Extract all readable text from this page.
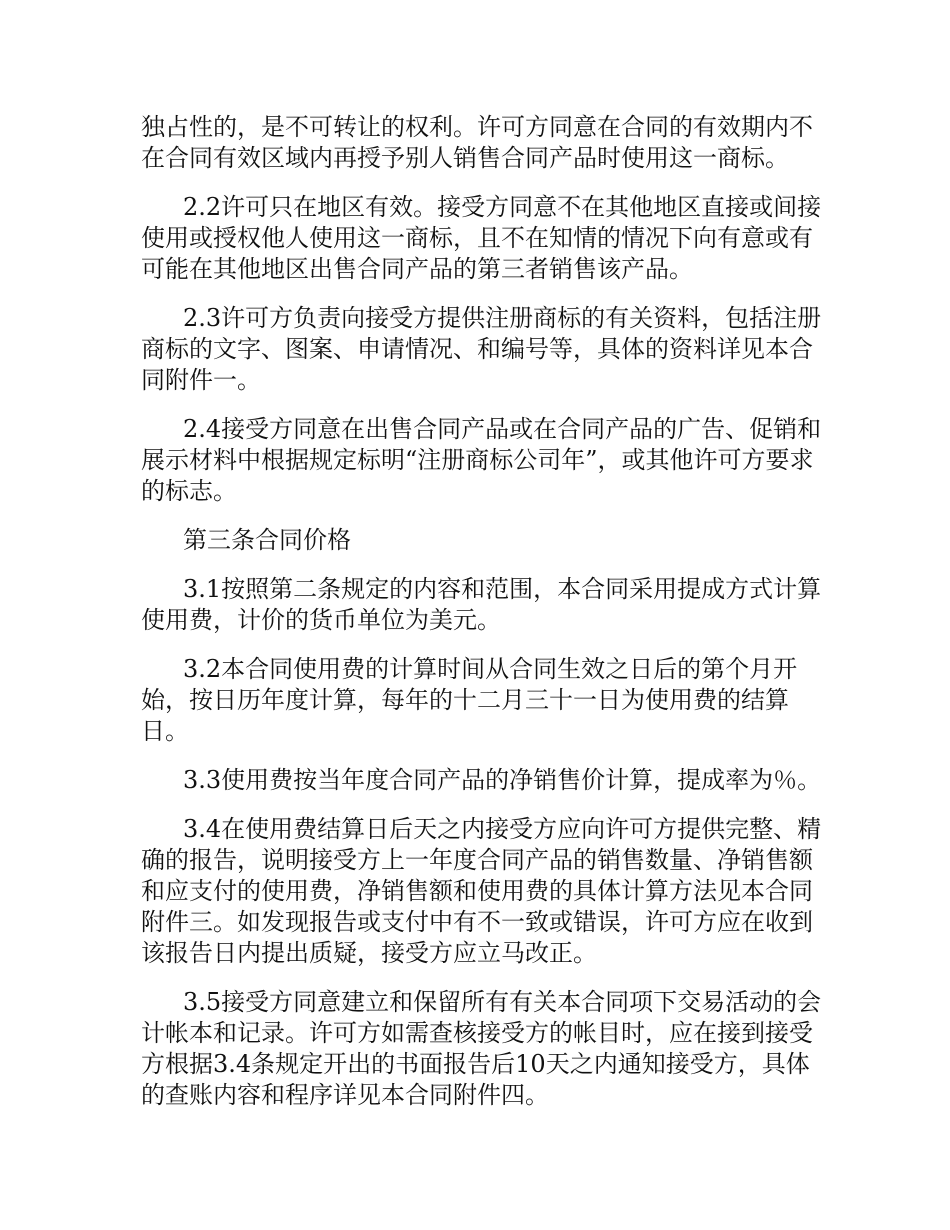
独占性的，是不可转让的权利。许可方同意在合同的有效期内不在合同有效区域内再授予别人销售合同产品时使用这一商标。

2.2许可只在地区有效。接受方同意不在其他地区直接或间接使用或授权他人使用这一商标，且不在知情的情况下向有意或有可能在其他地区出售合同产品的第三者销售该产品。

2.3许可方负责向接受方提供注册商标的有关资料，包括注册商标的文字、图案、申请情况、和编号等，具体的资料详见本合同附件一。

2.4接受方同意在出售合同产品或在合同产品的广告、促销和展示材料中根据规定标明“注册商标公司年”，或其他许可方要求的标志。

第三条合同价格

3.1按照第二条规定的内容和范围，本合同采用提成方式计算使用费，计价的货币单位为美元。

3.2本合同使用费的计算时间从合同生效之日后的第个月开始，按日历年度计算，每年的十二月三十一日为使用费的结算日。

3.3使用费按当年度合同产品的净销售价计算，提成率为％。

3.4在使用费结算日后天之内接受方应向许可方提供完整、精确的报告，说明接受方上一年度合同产品的销售数量、净销售额和应支付的使用费，净销售额和使用费的具体计算方法见本合同附件三。如发现报告或支付中有不一致或错误，许可方应在收到该报告日内提出质疑，接受方应立马改正。

3.5接受方同意建立和保留所有有关本合同项下交易活动的会计帐本和记录。许可方如需查核接受方的帐目时，应在接到接受方根据3.4条规定开出的书面报告后10天之内通知接受方，具体的查账内容和程序详见本合同附件四。
